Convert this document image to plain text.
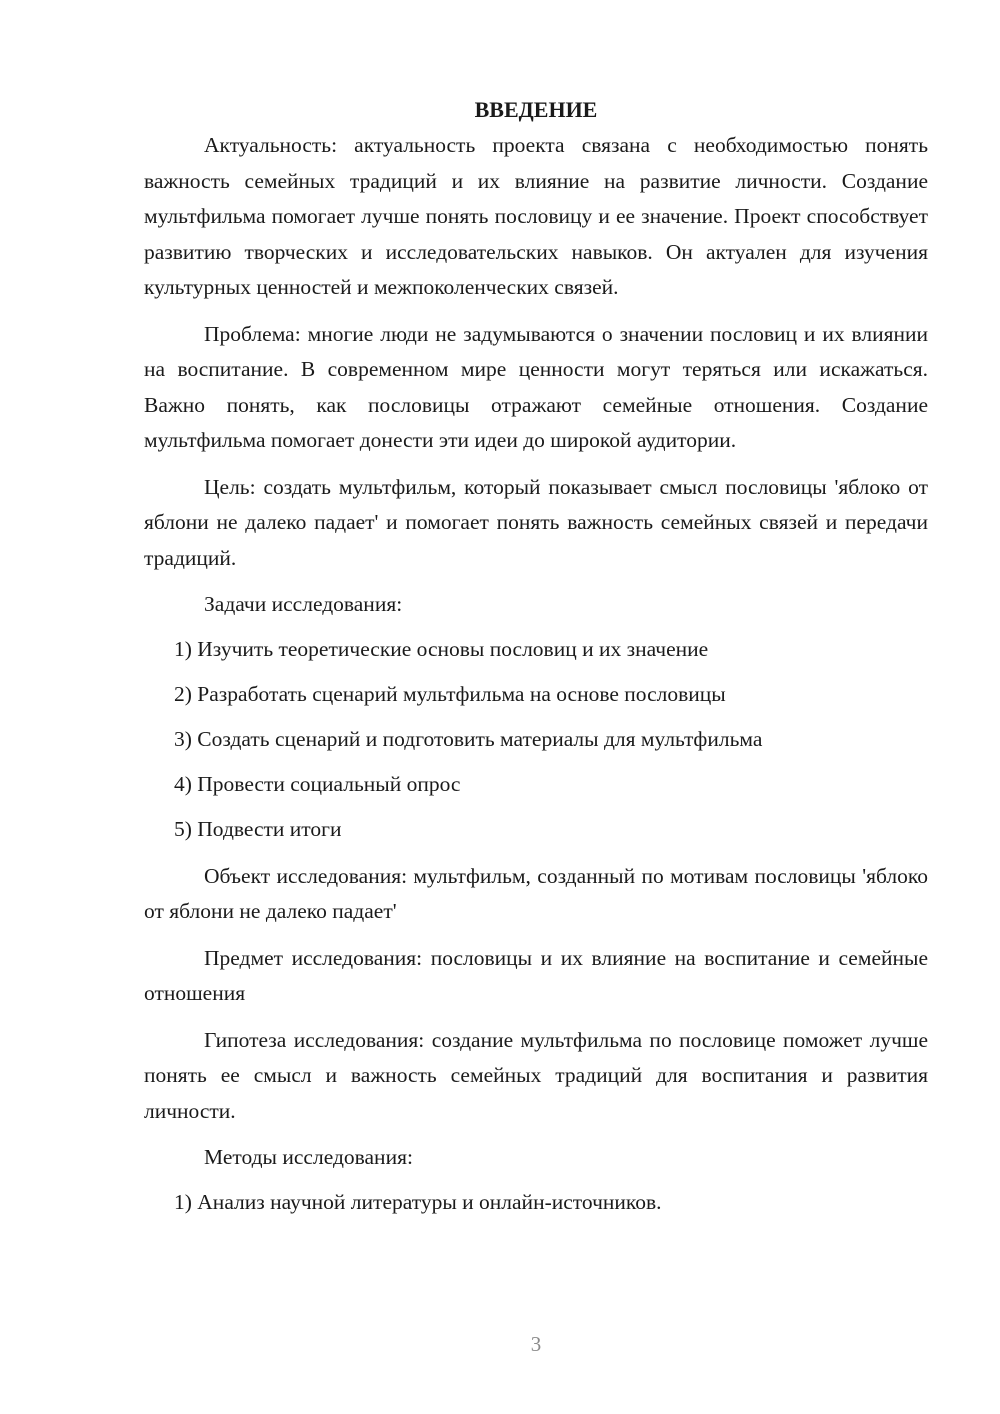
ВВЕДЕНИЕ

Актуальность: актуальность проекта связана с необходимостью понять важность семейных традиций и их влияние на развитие личности. Создание мультфильма помогает лучше понять пословицу и ее значение. Проект способствует развитию творческих и исследовательских навыков. Он актуален для изучения культурных ценностей и межпоколенческих связей.

Проблема: многие люди не задумываются о значении пословиц и их влиянии на воспитание. В современном мире ценности могут теряться или искажаться. Важно понять, как пословицы отражают семейные отношения. Создание мультфильма помогает донести эти идеи до широкой аудитории.

Цель: создать мультфильм, который показывает смысл пословицы 'яблоко от яблони не далеко падает' и помогает понять важность семейных связей и передачи традиций.

Задачи исследования:

1) Изучить теоретические основы пословиц и их значение
2) Разработать сценарий мультфильма на основе пословицы
3) Создать сценарий и подготовить материалы для мультфильма
4) Провести социальный опрос
5) Подвести итоги

Объект исследования: мультфильм, созданный по мотивам пословицы 'яблоко от яблони не далеко падает'

Предмет исследования: пословицы и их влияние на воспитание и семейные отношения

Гипотеза исследования: создание мультфильма по пословице поможет лучше понять ее смысл и важность семейных традиций для воспитания и развития личности.

Методы исследования:

1) Анализ научной литературы и онлайн-источников.
3
